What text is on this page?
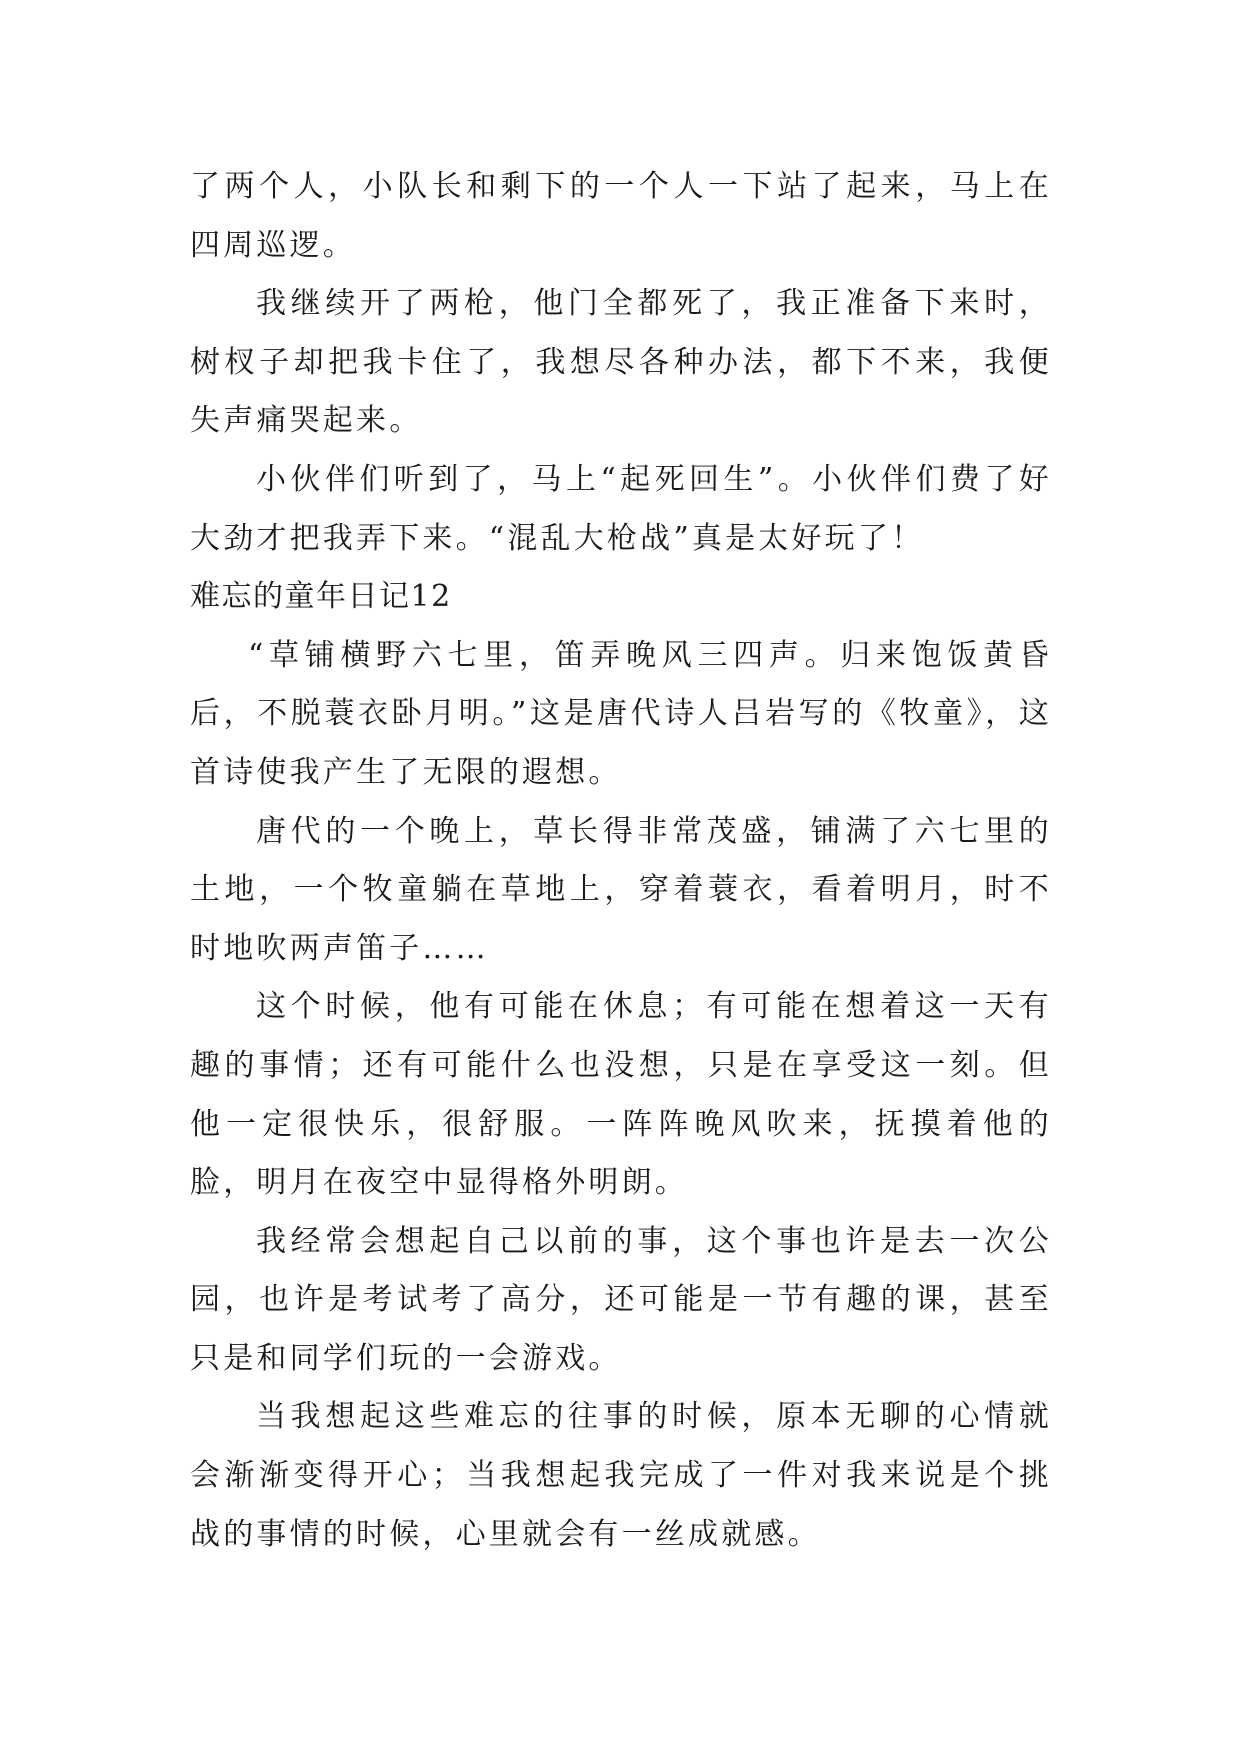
了两个人，小队长和剩下的一个人一下站了起来，马上在四周巡逻。

我继续开了两枪，他门全都死了，我正准备下来时，树杈子却把我卡住了，我想尽各种办法，都下不来，我便失声痛哭起来。

小伙伴们听到了，马上“起死回生”。小伙伴们费了好大劲才把我弄下来。“混乱大枪战”真是太好玩了！

难忘的童年日记12

“草铺横野六七里，笛弄晚风三四声。归来饱饭黄昏后，不脱蓑衣卧月明。”这是唐代诗人吕岩写的《牧童》，这首诗使我产生了无限的遐想。

唐代的一个晚上，草长得非常茂盛，铺满了六七里的土地，一个牧童躺在草地上，穿着蓑衣，看着明月，时不时地吹两声笛子……

这个时候，他有可能在休息；有可能在想着这一天有趣的事情；还有可能什么也没想，只是在享受这一刻。但他一定很快乐，很舒服。一阵阵晚风吹来，抚摸着他的脸，明月在夜空中显得格外明朗。

我经常会想起自己以前的事，这个事也许是去一次公园，也许是考试考了高分，还可能是一节有趣的课，甚至只是和同学们玩的一会游戏。

当我想起这些难忘的往事的时候，原本无聊的心情就会渐渐变得开心；当我想起我完成了一件对我来说是个挑战的事情的时候，心里就会有一丝成就感。
